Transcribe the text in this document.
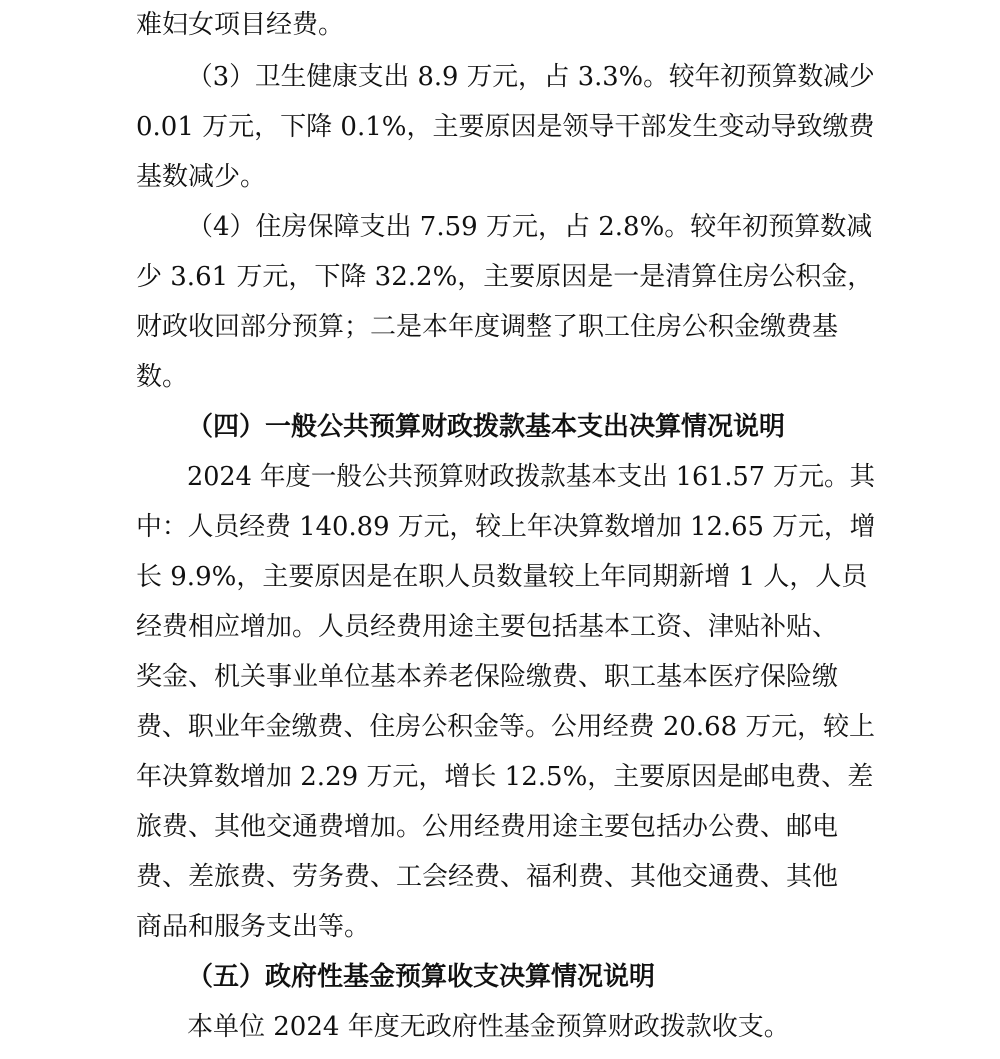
难妇女项目经费。
（3）卫生健康支出 8.9 万元，占 3.3%。较年初预算数减少
0.01 万元，下降 0.1%，主要原因是领导干部发生变动导致缴费
基数减少。
（4）住房保障支出 7.59 万元，占 2.8%。较年初预算数减
少 3.61 万元，下降 32.2%，主要原因是一是清算住房公积金，
财政收回部分预算；二是本年度调整了职工住房公积金缴费基
数。
（四）一般公共预算财政拨款基本支出决算情况说明
2024 年度一般公共预算财政拨款基本支出 161.57 万元。其
中：人员经费 140.89 万元，较上年决算数增加 12.65 万元，增
长 9.9%，主要原因是在职人员数量较上年同期新增 1 人，人员
经费相应增加。人员经费用途主要包括基本工资、津贴补贴、
奖金、机关事业单位基本养老保险缴费、职工基本医疗保险缴
费、职业年金缴费、住房公积金等。公用经费 20.68 万元，较上
年决算数增加 2.29 万元，增长 12.5%，主要原因是邮电费、差
旅费、其他交通费增加。公用经费用途主要包括办公费、邮电
费、差旅费、劳务费、工会经费、福利费、其他交通费、其他
商品和服务支出等。
（五）政府性基金预算收支决算情况说明
本单位 2024 年度无政府性基金预算财政拨款收支。
